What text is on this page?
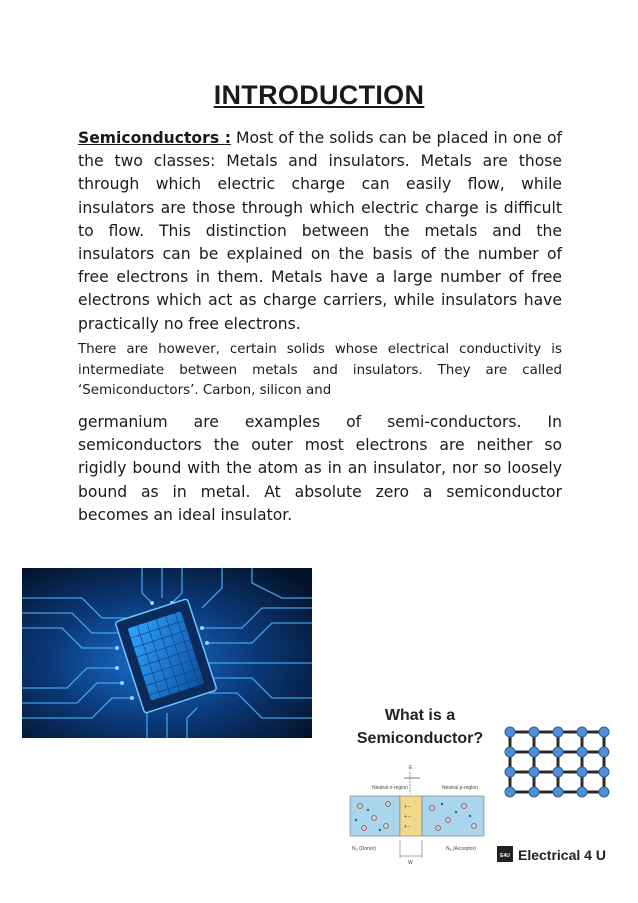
INTRODUCTION
Semiconductors : Most of the solids can be placed in one of the two classes: Metals and insulators. Metals are those through which electric charge can easily flow, while insulators are those through which electric charge is difficult to flow. This distinction between the metals and the insulators can be explained on the basis of the number of free electrons in them. Metals have a large number of free electrons which act as charge carriers, while insulators have practically no free electrons.
There are however, certain solids whose electrical conductivity is intermediate between metals and insulators. They are called ‘Semiconductors’. Carbon, silicon and
germanium are examples of semi-conductors. In semiconductors the outer most electrons are neither so rigidly bound with the atom as in an insulator, nor so loosely bound as in metal. At absolute zero a semiconductor becomes an ideal insulator.
What is a
Semiconductor?
Neutral n-region	Neutral p-region
E
+ −
+ −
+ −
N₀ (Donor)	Nₐ (Acceptor)
W
E4U Electrical 4 U
